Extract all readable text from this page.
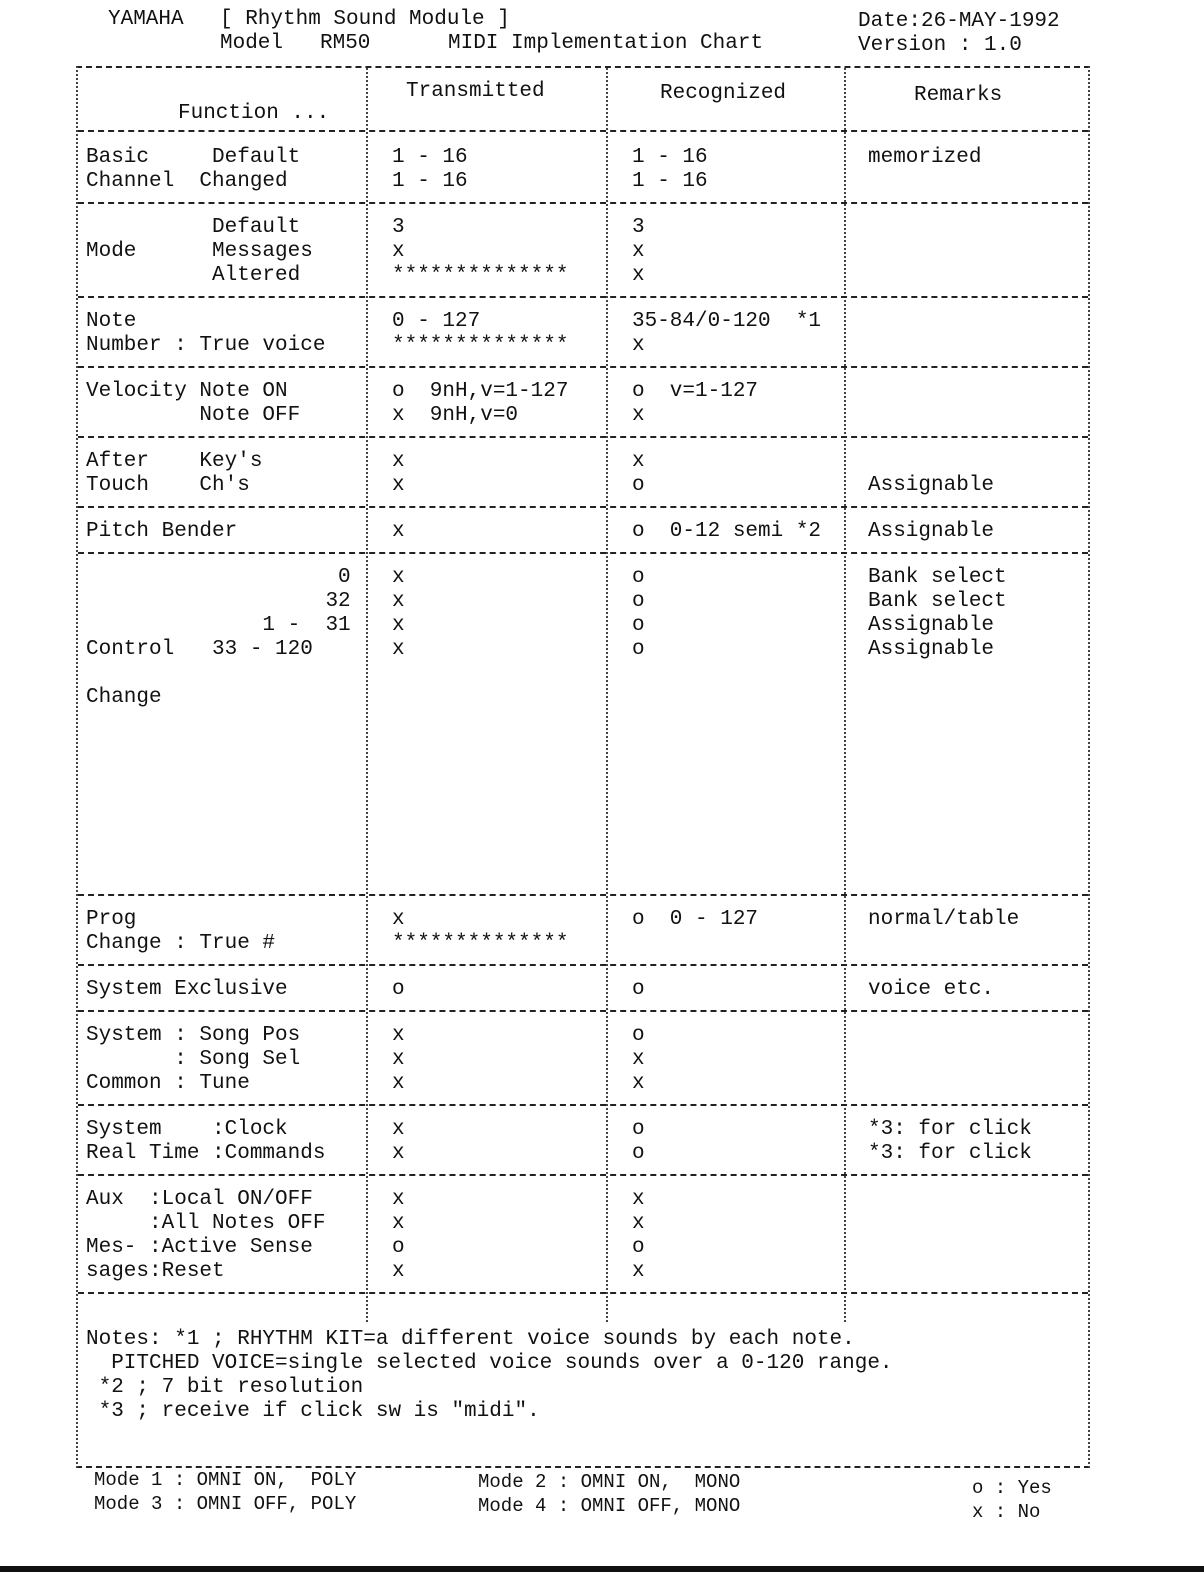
YAMAHA [ Rhythm Sound Module ]
Model RM50	MIDI Implementation Chart
Date:26-MAY-1992
Version : 1.0
Function ...
Transmitted	Recognized	Remarks
Basic     Default	1 - 16	1 - 16	memorized
Channel  Changed	1 - 16	1 - 16
Default	3	3
Mode      Messages	x	x
Altered	**************	x
Note	0 - 127	35-84/0-120  *1
Number : True voice	**************	x
Velocity Note ON	o  9nH,v=1-127	o  v=1-127
Note OFF	x  9nH,v=0	x
After    Key's	x	x
Touch    Ch's	x	o	Assignable
Pitch Bender	x	o  0-12 semi *2	Assignable
0	x	o	Bank select
32	x	o	Bank select
1 -  31	x	o	Assignable
Control   33 - 120	x	o	Assignable
Change
Prog	x	o  0 - 127	normal/table
Change : True #	**************
System Exclusive	o	o	voice etc.
System : Song Pos	x	o
: Song Sel	x	x
Common : Tune	x	x
System    :Clock	x	o	*3: for click
Real Time :Commands	x	o	*3: for click
Aux  :Local ON/OFF	x	x
:All Notes OFF	x	x
Mes- :Active Sense	o	o
sages:Reset	x	x
Notes: *1 ; RHYTHM KIT=a different voice sounds by each note.
PITCHED VOICE=single selected voice sounds over a 0-120 range.
*2 ; 7 bit resolution
*3 ; receive if click sw is "midi".
Mode 1 : OMNI ON,  POLY	Mode 2 : OMNI ON,  MONO
Mode 3 : OMNI OFF, POLY	Mode 4 : OMNI OFF, MONO
o : Yes
x : No
